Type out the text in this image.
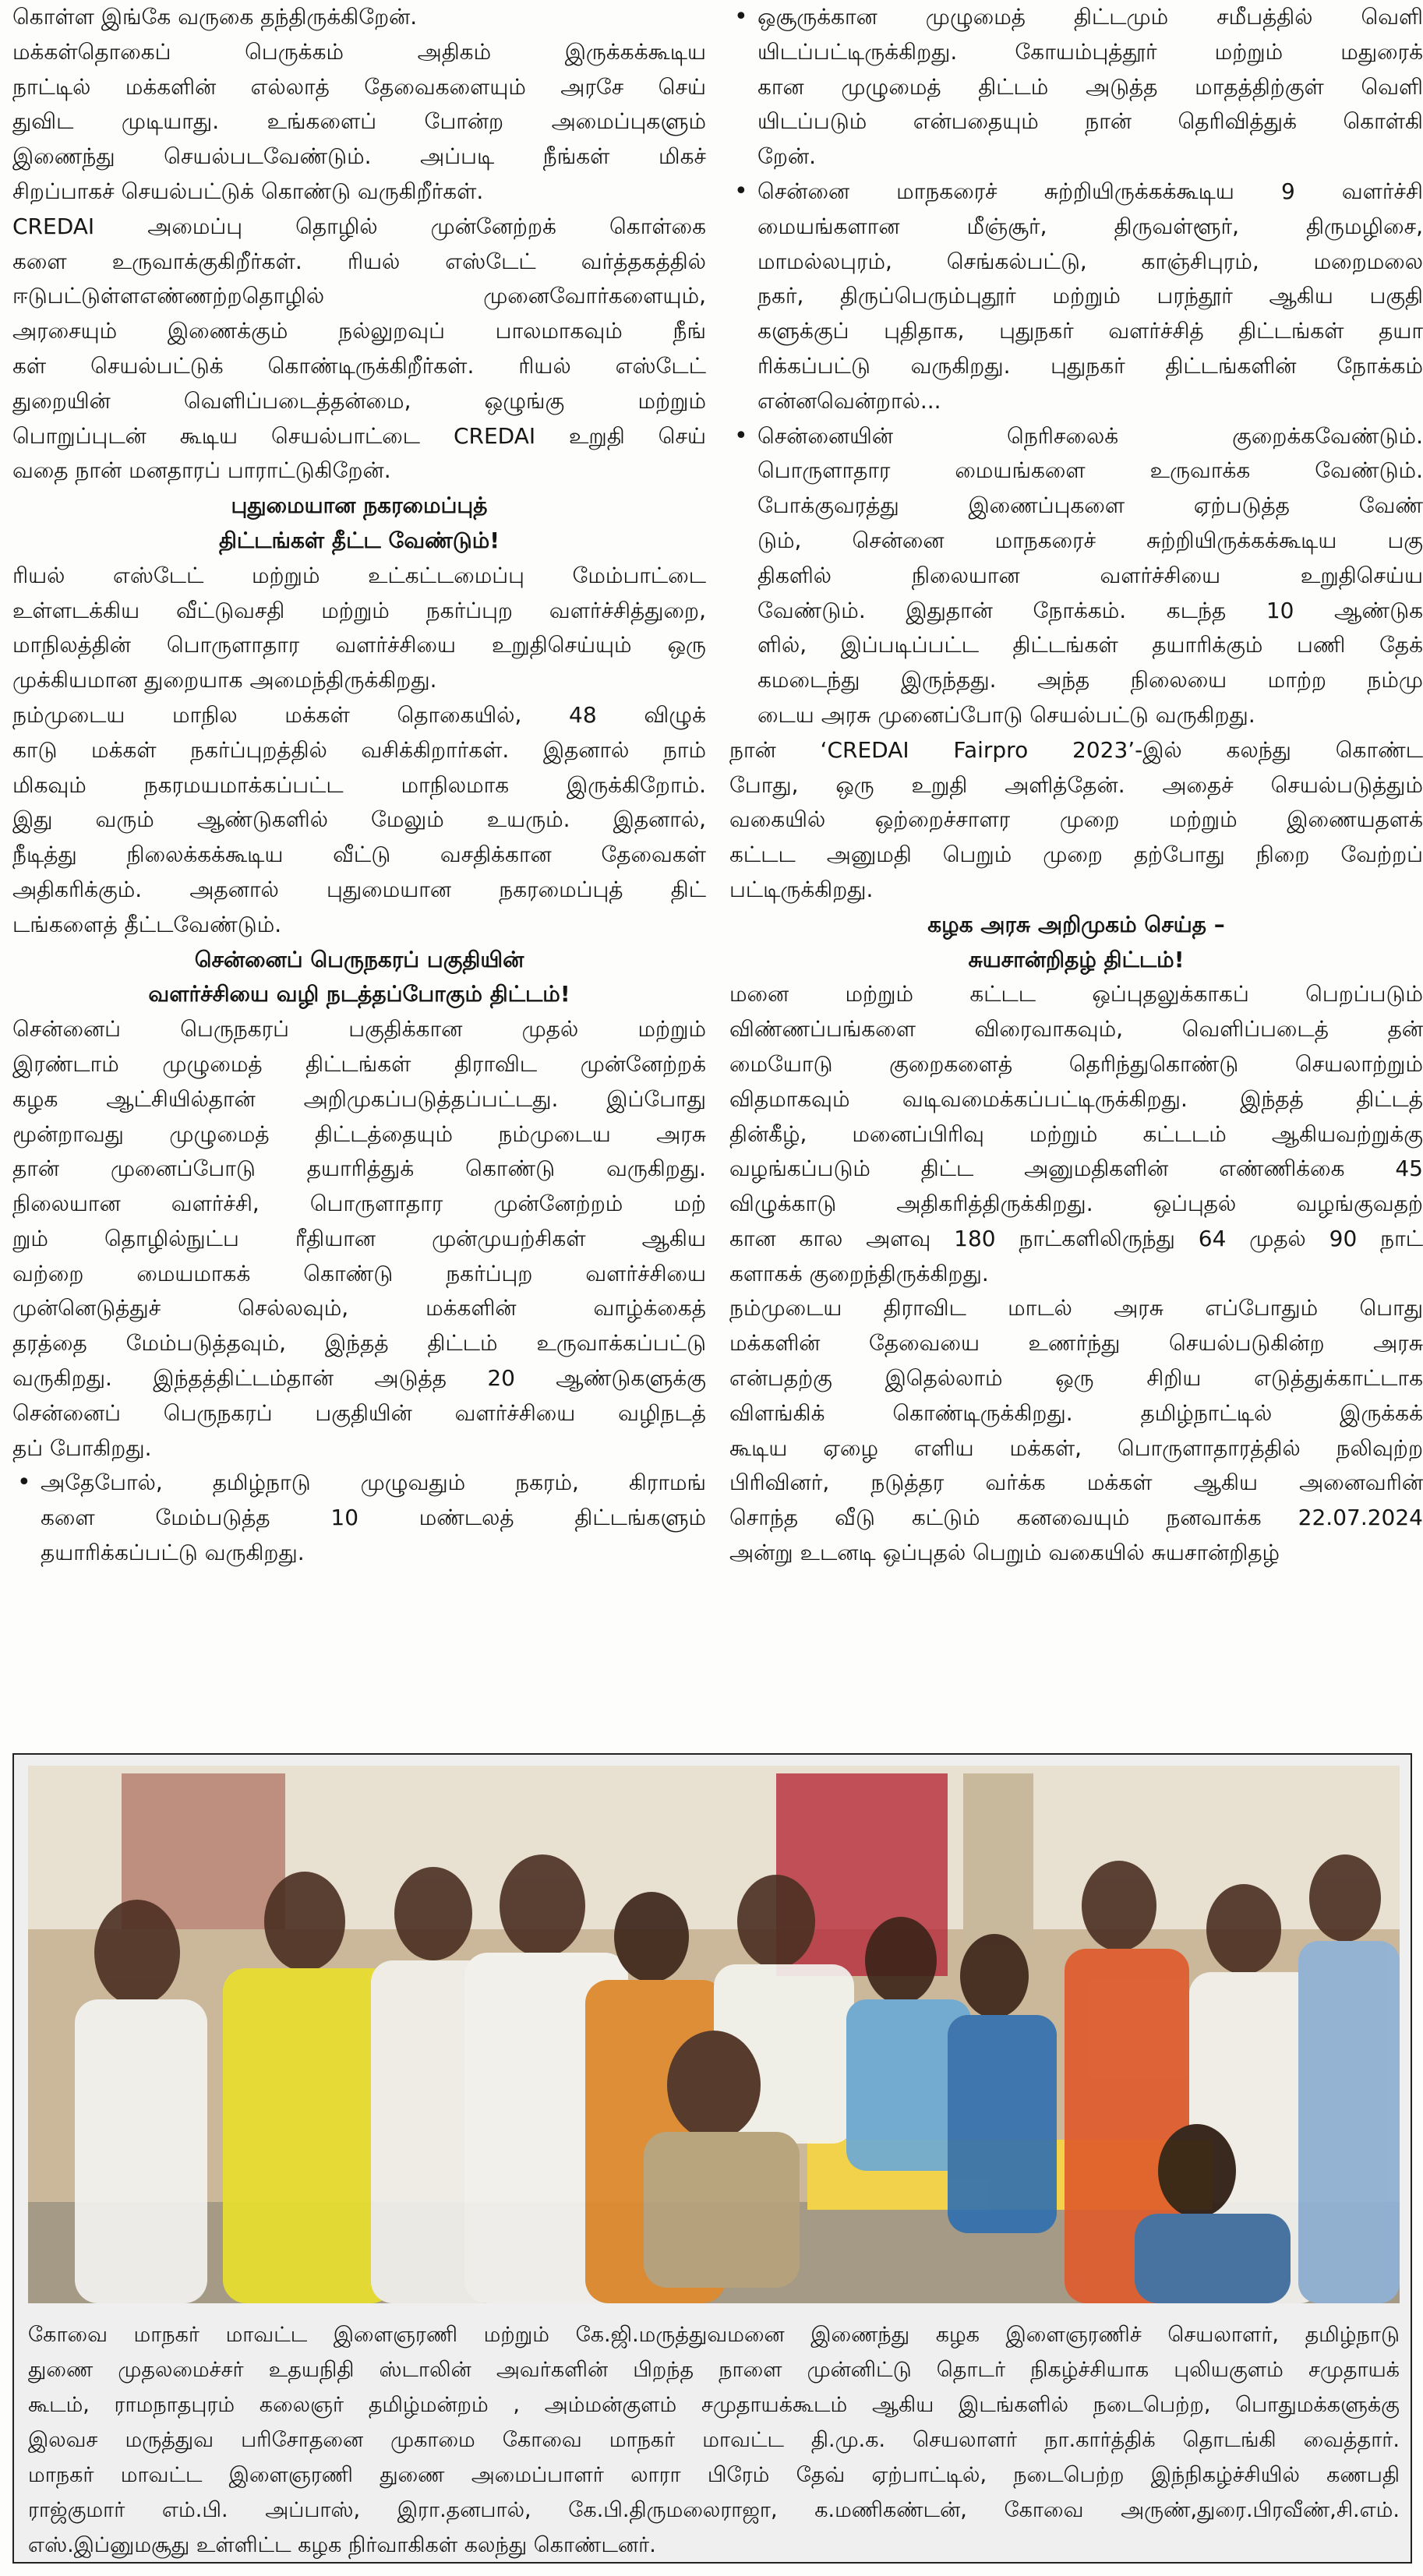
கொள்ள இங்கே வருகை தந்திருக்கிறேன்.
மக்கள்தொகைப் பெருக்கம் அதிகம் இருக்கக்கூடிய
நாட்டில் மக்களின் எல்லாத் தேவைகளையும் அரசே செய்
துவிட முடியாது. உங்களைப் போன்ற அமைப்புகளும்
இணைந்து செயல்படவேண்டும். அப்படி நீங்கள் மிகச்
சிறப்பாகச் செயல்பட்டுக் கொண்டு வருகிறீர்கள்.
CREDAI அமைப்பு தொழில் முன்னேற்றக் கொள்கை
களை உருவாக்குகிறீர்கள். ரியல் எஸ்டேட் வர்த்தகத்தில்
ஈடுபட்டுள்ளஎண்ணற்றதொழில் முனைவோர்களையும்,
அரசையும் இணைக்கும் நல்லுறவுப் பாலமாகவும் நீங்
கள் செயல்பட்டுக் கொண்டிருக்கிறீர்கள். ரியல் எஸ்டேட்
துறையின் வெளிப்படைத்தன்மை, ஒழுங்கு மற்றும்
பொறுப்புடன் கூடிய செயல்பாட்டை CREDAI உறுதி செய்
வதை நான் மனதாரப் பாராட்டுகிறேன்.
புதுமையான நகரமைப்புத்
திட்டங்கள் தீட்ட வேண்டும்!
ரியல் எஸ்டேட் மற்றும் உட்கட்டமைப்பு மேம்பாட்டை
உள்ளடக்கிய வீட்டுவசதி மற்றும் நகர்ப்புற வளர்ச்சித்துறை,
மாநிலத்தின் பொருளாதார வளர்ச்சியை உறுதிசெய்யும் ஒரு
முக்கியமான துறையாக அமைந்திருக்கிறது.
நம்முடைய மாநில மக்கள் தொகையில், 48 விழுக்
காடு மக்கள் நகர்ப்புறத்தில் வசிக்கிறார்கள். இதனால் நாம்
மிகவும் நகரமயமாக்கப்பட்ட மாநிலமாக இருக்கிறோம்.
இது வரும் ஆண்டுகளில் மேலும் உயரும். இதனால்,
நீடித்து நிலைக்கக்கூடிய வீட்டு வசதிக்கான தேவைகள்
அதிகரிக்கும். அதனால் புதுமையான நகரமைப்புத் திட்
டங்களைத் தீட்டவேண்டும்.
சென்னைப் பெருநகரப் பகுதியின்
வளர்ச்சியை வழி நடத்தப்போகும் திட்டம்!
சென்னைப் பெருநகரப் பகுதிக்கான முதல் மற்றும்
இரண்டாம் முழுமைத் திட்டங்கள் திராவிட முன்னேற்றக்
கழக ஆட்சியில்தான் அறிமுகப்படுத்தப்பட்டது. இப்போது
மூன்றாவது முழுமைத் திட்டத்தையும் நம்முடைய அரசு
தான் முனைப்போடு தயாரித்துக் கொண்டு வருகிறது.
நிலையான வளர்ச்சி, பொருளாதார முன்னேற்றம் மற்
றும் தொழில்நுட்ப ரீதியான முன்முயற்சிகள் ஆகிய
வற்றை மையமாகக் கொண்டு நகர்ப்புற வளர்ச்சியை
முன்னெடுத்துச் செல்லவும், மக்களின் வாழ்க்கைத்
தரத்தை மேம்படுத்தவும், இந்தத் திட்டம் உருவாக்கப்பட்டு
வருகிறது. இந்தத்திட்டம்தான் அடுத்த 20 ஆண்டுகளுக்கு
சென்னைப் பெருநகரப் பகுதியின் வளர்ச்சியை வழிநடத்
தப் போகிறது.
• அதேபோல், தமிழ்நாடு முழுவதும் நகரம், கிராமங்
களை மேம்படுத்த 10 மண்டலத் திட்டங்களும்
தயாரிக்கப்பட்டு வருகிறது.
• ஒசூருக்கான முழுமைத் திட்டமும் சமீபத்தில் வெளி
யிடப்பட்டிருக்கிறது. கோயம்புத்தூர் மற்றும் மதுரைக்
கான முழுமைத் திட்டம் அடுத்த மாதத்திற்குள் வெளி
யிடப்படும் என்பதையும் நான் தெரிவித்துக் கொள்கி
றேன்.
• சென்னை மாநகரைச் சுற்றியிருக்கக்கூடிய 9 வளர்ச்சி
மையங்களான மீஞ்சூர், திருவள்ளூர், திருமழிசை,
மாமல்லபுரம், செங்கல்பட்டு, காஞ்சிபுரம், மறைமலை
நகர், திருப்பெரும்புதூர் மற்றும் பரந்தூர் ஆகிய பகுதி
களுக்குப் புதிதாக, புதுநகர் வளர்ச்சித் திட்டங்கள் தயா
ரிக்கப்பட்டு வருகிறது. புதுநகர் திட்டங்களின் நோக்கம்
என்னவென்றால்...
• சென்னையின் நெரிசலைக் குறைக்கவேண்டும்.
பொருளாதார மையங்களை உருவாக்க வேண்டும்.
போக்குவரத்து இணைப்புகளை ஏற்படுத்த வேண்
டும், சென்னை மாநகரைச் சுற்றியிருக்கக்கூடிய பகு
திகளில் நிலையான வளர்ச்சியை உறுதிசெய்ய
வேண்டும். இதுதான் நோக்கம். கடந்த 10 ஆண்டுக
ளில், இப்படிப்பட்ட திட்டங்கள் தயாரிக்கும் பணி தேக்
கமடைந்து இருந்தது. அந்த நிலையை மாற்ற நம்மு
டைய அரசு முனைப்போடு செயல்பட்டு வருகிறது.
நான் ‘CREDAI Fairpro 2023’-இல் கலந்து கொண்ட
போது, ஒரு உறுதி அளித்தேன். அதைச் செயல்படுத்தும்
வகையில் ஒற்றைச்சாளர முறை மற்றும் இணையதளக்
கட்டட அனுமதி பெறும் முறை தற்போது நிறை வேற்றப்
பட்டிருக்கிறது.
கழக அரசு அறிமுகம் செய்த –
சுயசான்றிதழ் திட்டம்!
மனை மற்றும் கட்டட ஒப்புதலுக்காகப் பெறப்படும்
விண்ணப்பங்களை விரைவாகவும், வெளிப்படைத் தன்
மையோடு குறைகளைத் தெரிந்துகொண்டு செயலாற்றும்
விதமாகவும் வடிவமைக்கப்பட்டிருக்கிறது. இந்தத் திட்டத்
தின்கீழ், மனைப்பிரிவு மற்றும் கட்டடம் ஆகியவற்றுக்கு
வழங்கப்படும் திட்ட அனுமதிகளின் எண்ணிக்கை 45
விழுக்காடு அதிகரித்திருக்கிறது. ஒப்புதல் வழங்குவதற்
கான கால அளவு 180 நாட்களிலிருந்து 64 முதல் 90 நாட்
களாகக் குறைந்திருக்கிறது.
நம்முடைய திராவிட மாடல் அரசு எப்போதும் பொது
மக்களின் தேவையை உணர்ந்து செயல்படுகின்ற அரசு
என்பதற்கு இதெல்லாம் ஒரு சிறிய எடுத்துக்காட்டாக
விளங்கிக் கொண்டிருக்கிறது. தமிழ்நாட்டில் இருக்கக்
கூடிய ஏழை எளிய மக்கள், பொருளாதாரத்தில் நலிவுற்ற
பிரிவினர், நடுத்தர வர்க்க மக்கள் ஆகிய அனைவரின்
சொந்த வீடு கட்டும் கனவையும் நனவாக்க 22.07.2024
அன்று உடனடி ஒப்புதல் பெறும் வகையில் சுயசான்றிதழ்
கோவை மாநகர் மாவட்ட இளைஞரணி மற்றும் கே.ஜி.மருத்துவமனை இணைந்து கழக இளைஞரணிச் செயலாளர், தமிழ்நாடு
துணை முதலமைச்சர் உதயநிதி ஸ்டாலின் அவர்களின் பிறந்த நாளை முன்னிட்டு தொடர் நிகழ்ச்சியாக புலியகுளம் சமுதாயக்
கூடம், ராமநாதபுரம் கலைஞர் தமிழ்மன்றம் , அம்மன்குளம் சமுதாயக்கூடம் ஆகிய இடங்களில் நடைபெற்ற, பொதுமக்களுக்கு
இலவச மருத்துவ பரிசோதனை முகாமை கோவை மாநகர் மாவட்ட தி.மு.க. செயலாளர் நா.கார்த்திக் தொடங்கி வைத்தார்.
மாநகர் மாவட்ட இளைஞரணி துணை அமைப்பாளர் லாரா பிரேம் தேவ் ஏற்பாட்டில், நடைபெற்ற இந்நிகழ்ச்சியில் கணபதி
ராஜ்குமார் எம்.பி. அப்பாஸ், இரா.தனபால், கே.பி.திருமலைராஜா, க.மணிகண்டன், கோவை அருண்,துரை.பிரவீண்,சி.எம்.
எஸ்.இப்னுமசூது உள்ளிட்ட கழக நிர்வாகிகள் கலந்து கொண்டனர்.
